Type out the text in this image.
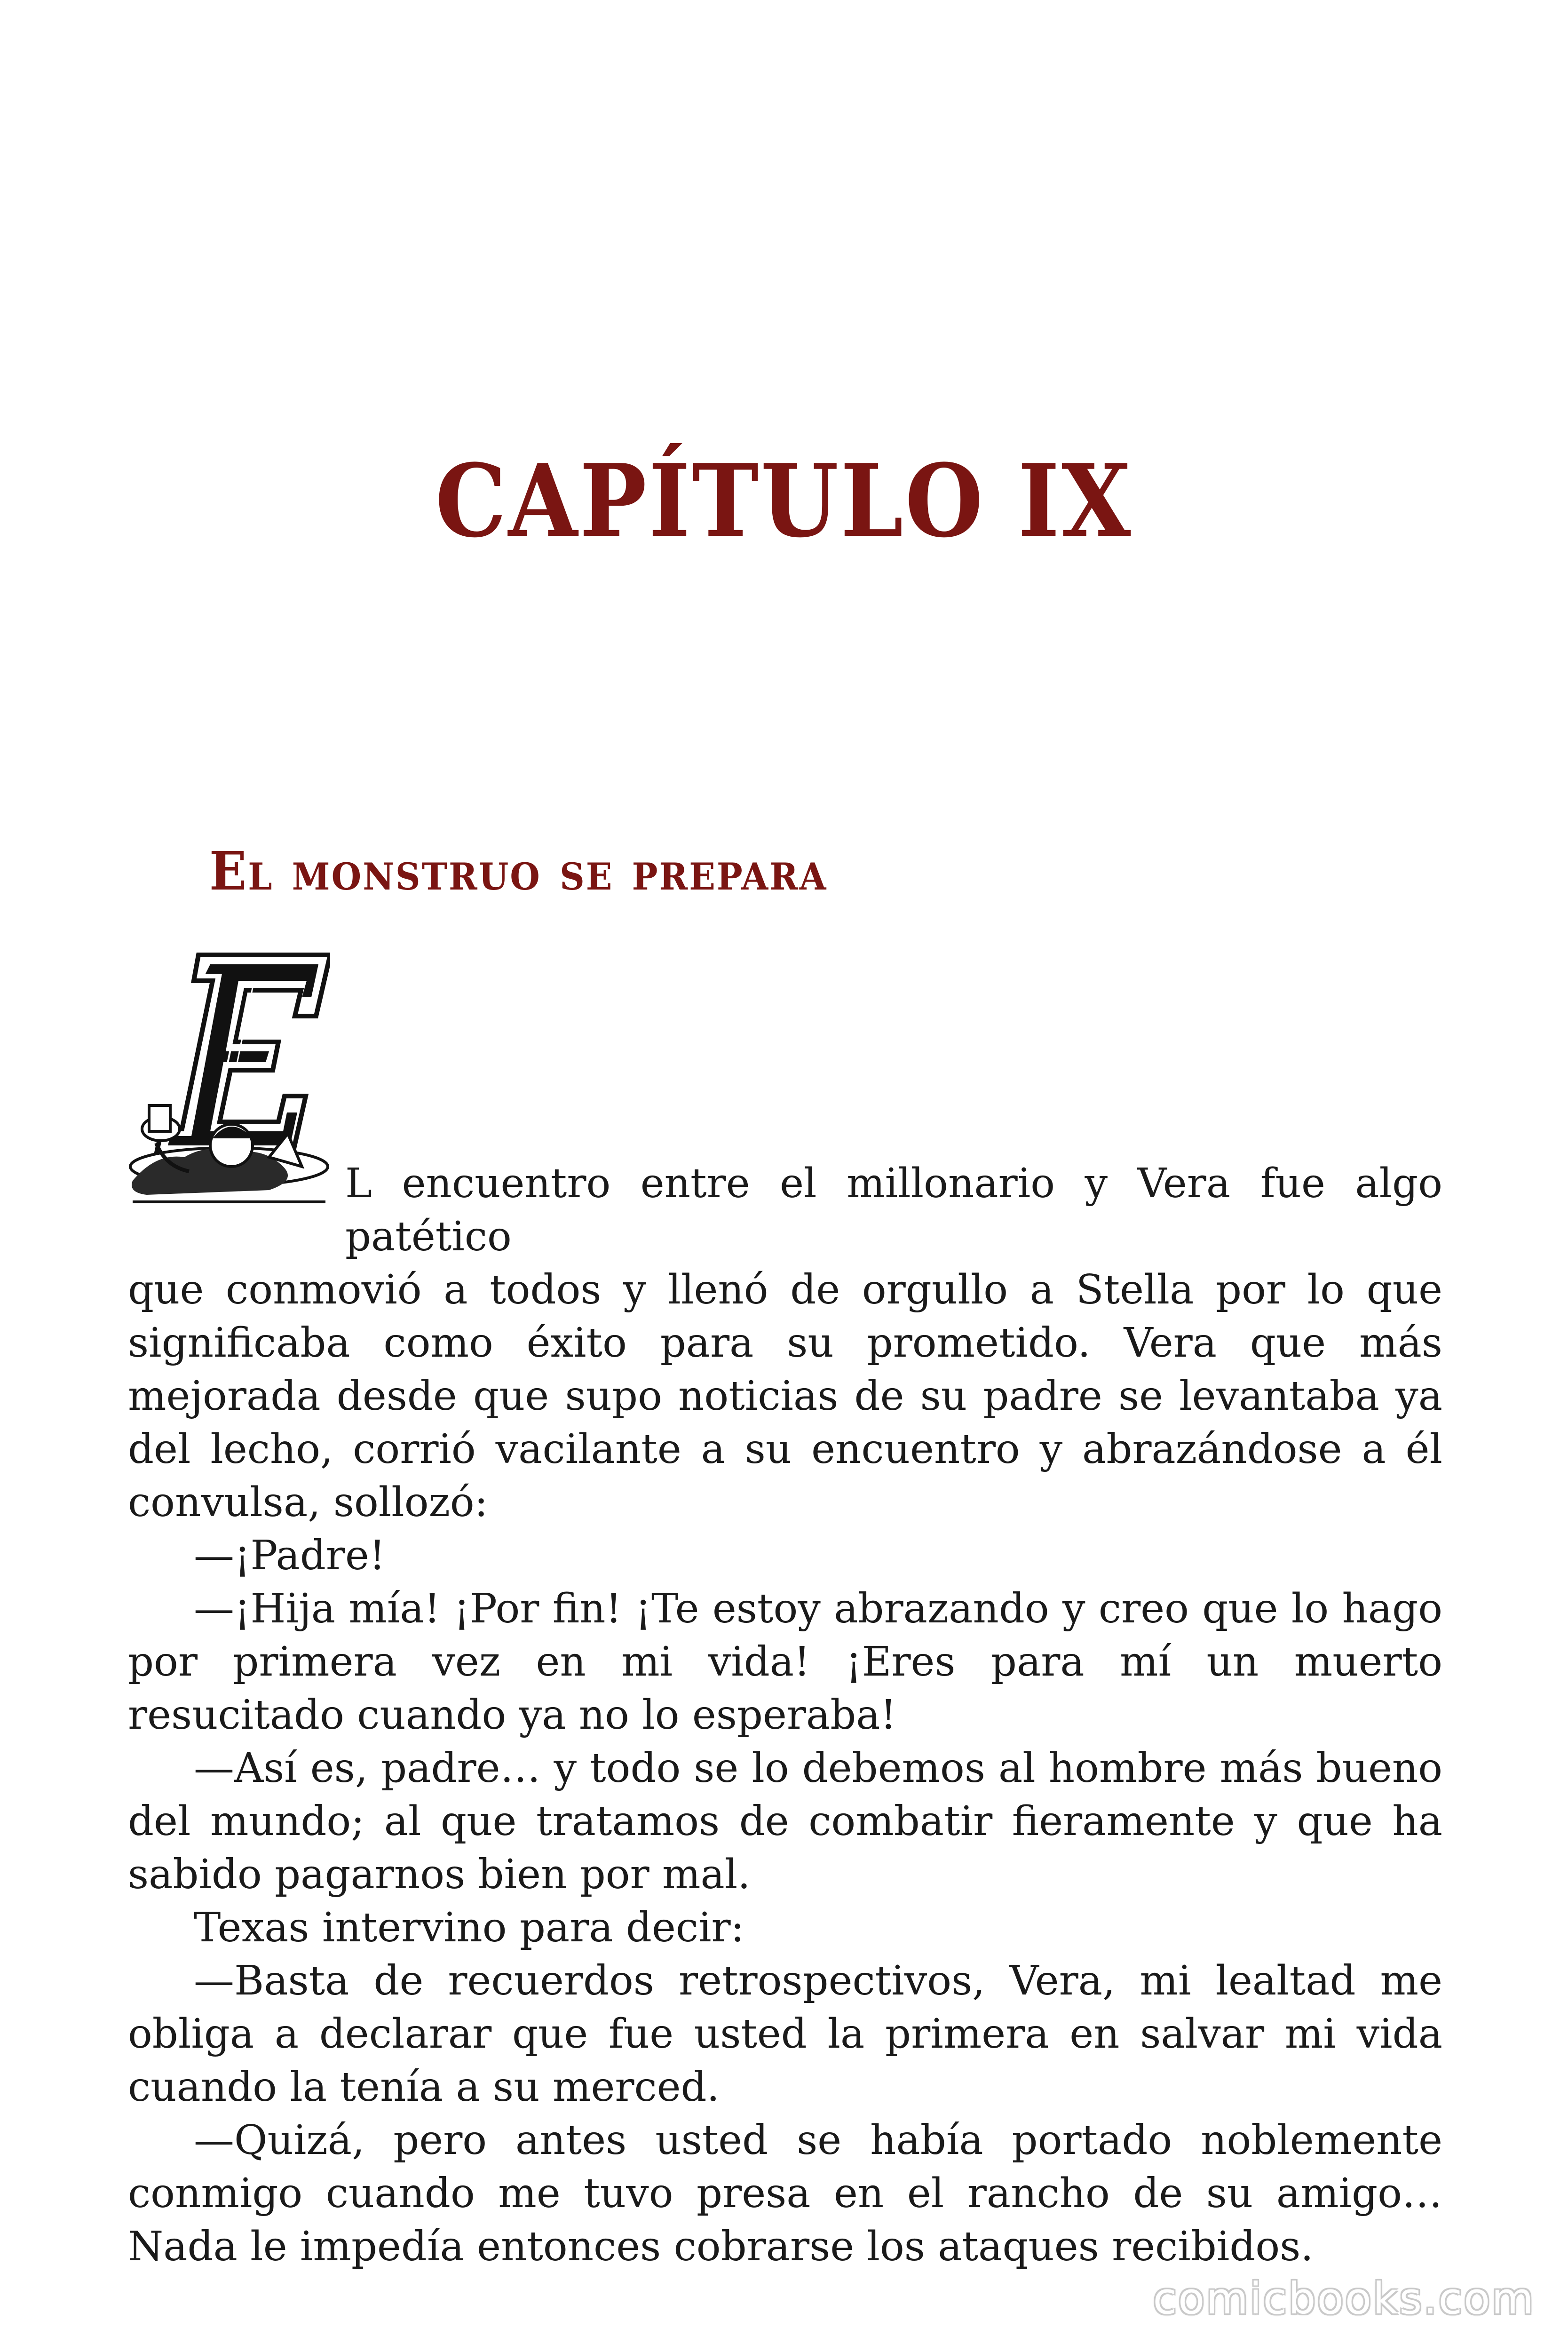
CAPÍTULO IX
El monstruo se prepara

L encuentro entre el millonario y Vera fue algo patético
que conmovió a todos y llenó de orgullo a Stella por lo que significaba como éxito para su prometido. Vera que más mejorada desde que supo noticias de su padre se levantaba ya del lecho, corrió vacilante a su encuentro y abrazándose a él convulsa, sollozó:

—¡Padre!

—¡Hija mía! ¡Por fin! ¡Te estoy abrazando y creo que lo hago por primera vez en mi vida! ¡Eres para mí un muerto resucitado cuando ya no lo esperaba!

—Así es, padre… y todo se lo debemos al hombre más bueno del mundo; al que tratamos de combatir fieramente y que ha sabido pagarnos bien por mal.

Texas intervino para decir:

—Basta de recuerdos retrospectivos, Vera, mi lealtad me obliga a declarar que fue usted la primera en salvar mi vida cuando la tenía a su merced.

—Quizá, pero antes usted se había portado noblemente conmigo cuando me tuvo presa en el rancho de su amigo… Nada le impedía entonces cobrarse los ataques recibidos.

comicbooks.com
